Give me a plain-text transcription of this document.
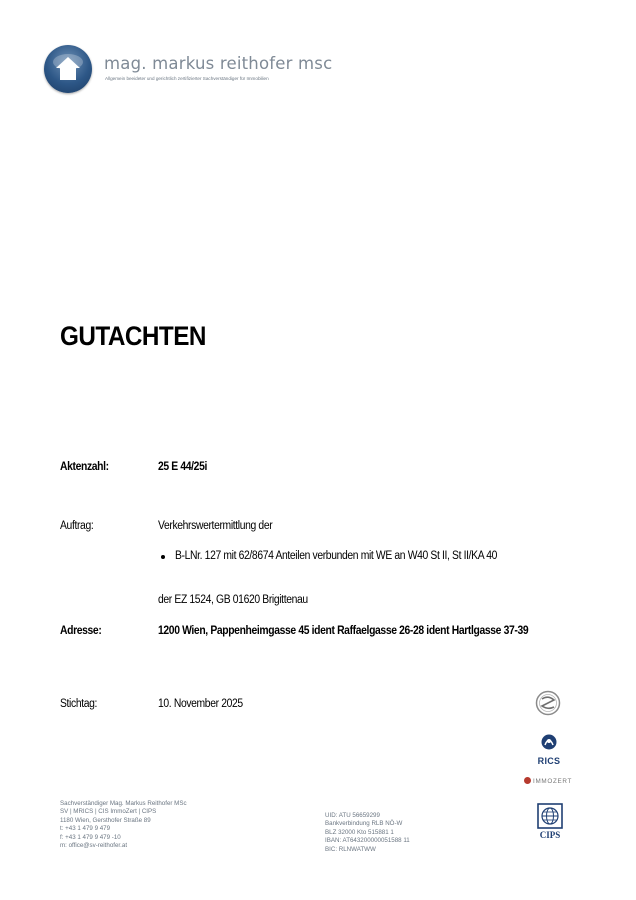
mag. markus reithofer msc
Allgemein beeideter und gerichtlich zertifizierter Sachverständiger für Immobilien
GUTACHTEN
Aktenzahl:	25 E 44/25i
Auftrag:	Verkehrswertermittlung der
B-LNr. 127 mit 62/8674 Anteilen verbunden mit WE an W40 St II, St II/KA 40
der EZ 1524, GB 01620 Brigittenau
Adresse:	1200 Wien, Pappenheimgasse 45 ident Raffaelgasse 26-28 ident Hartlgasse 37-39
Stichtag:	10. November 2025
RICS
IMMOZERT
CIPS
Sachverständiger Mag. Markus Reithofer MSc
SV | MRICS | CIS ImmoZert | CIPS
1180 Wien, Gersthofer Straße 89
t: +43 1 479 9 479
f: +43 1 479 9 479 -10
m: office@sv-reithofer.at
UID: ATU 56659299
Bankverbindung RLB NÖ-W
BLZ 32000 Kto 515881 1
IBAN: AT643200000051588 11
BIC: RLNWATWW
